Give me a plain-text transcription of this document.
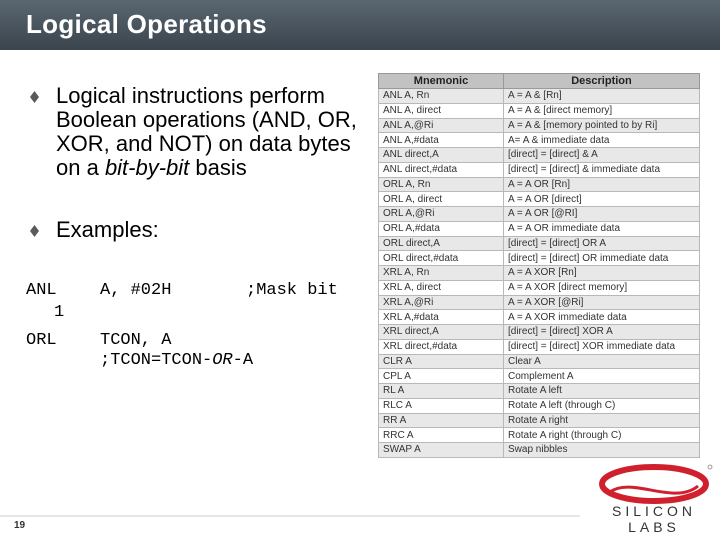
Logical Operations
Logical instructions perform Boolean operations (AND, OR, XOR, and NOT) on data bytes on a bit-by-bit basis
Examples:
ANL
1
A, #02H	;Mask bit
ORL	TCON, A
;TCON=TCON-OR-A
Mnemonic	Description
ANL A, Rn	A = A & [Rn]
ANL A, direct	A = A & [direct memory]
ANL A,@Ri	A = A & [memory pointed to by Ri]
ANL A,#data	A= A & immediate data
ANL direct,A	[direct] = [direct] & A
ANL direct,#data	[direct] = [direct] & immediate data
ORL A, Rn	A = A OR [Rn]
ORL A, direct	A = A OR [direct]
ORL A,@Ri	A = A OR [@RI]
ORL A,#data	A = A OR immediate data
ORL direct,A	[direct] = [direct] OR A
ORL direct,#data	[direct] = [direct] OR immediate data
XRL A, Rn	A = A XOR [Rn]
XRL A, direct	A = A XOR [direct memory]
XRL A,@Ri	A = A XOR [@Ri]
XRL A,#data	A = A XOR immediate data
XRL direct,A	[direct] = [direct] XOR A
XRL direct,#data	[direct] = [direct] XOR immediate data
CLR A	Clear A
CPL A	Complement A
RL A	Rotate A left
RLC A	Rotate A left (through C)
RR A	Rotate A right
RRC A	Rotate A right (through C)
SWAP A	Swap nibbles
SILICON LABS
19
